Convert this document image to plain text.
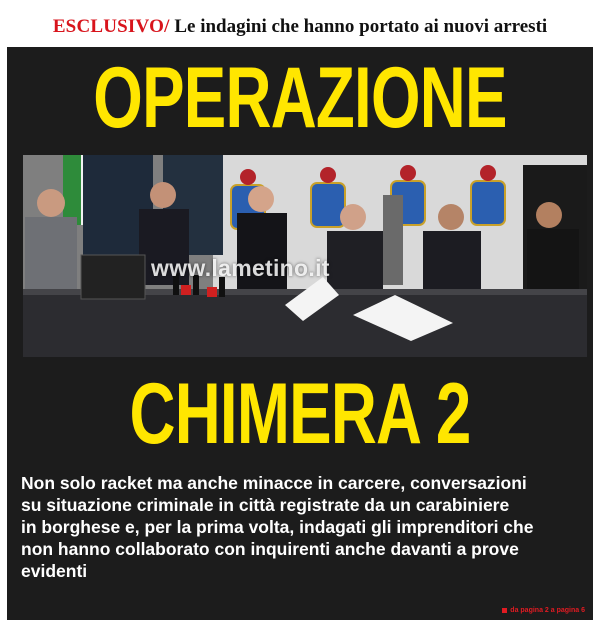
ESCLUSIVO / Le indagini che hanno portato ai nuovi arresti
OPERAZIONE
www.lametino.it
CHIMERA 2
Non solo racket ma anche minacce in carcere, conversazioni
su situazione criminale in città registrate da un carabiniere
in borghese e, per la prima volta, indagati gli imprenditori che
non hanno collaborato con inquirenti anche davanti a prove
evidenti
da pagina 2 a pagina 6
